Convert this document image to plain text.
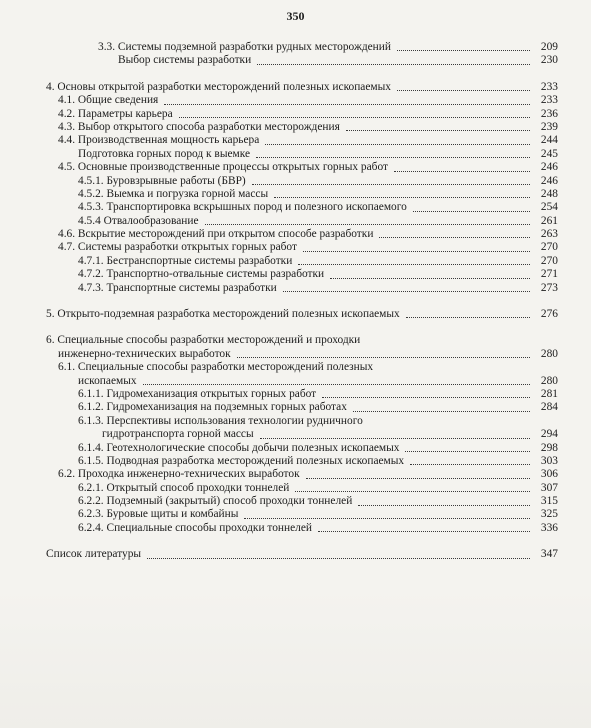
350
3.3. Системы подземной разработки рудных месторождений	209
Выбор системы разработки	230
4. Основы открытой разработки месторождений полезных ископаемых	233
4.1. Общие сведения	233
4.2. Параметры карьера	236
4.3. Выбор открытого способа разработки месторождения	239
4.4. Производственная мощность карьера	244
Подготовка горных пород к выемке	245
4.5. Основные производственные процессы открытых горных работ	246
4.5.1. Буровзрывные работы (БВР)	246
4.5.2. Выемка и погрузка горной массы	248
4.5.3. Транспортировка вскрышных пород и полезного ископаемого	254
4.5.4 Отвалообразование	261
4.6. Вскрытие месторождений при открытом способе разработки	263
4.7. Системы разработки открытых горных работ	270
4.7.1. Бестранспортные системы разработки	270
4.7.2. Транспортно-отвальные системы разработки	271
4.7.3. Транспортные системы разработки	273
5. Открыто-подземная разработка месторождений полезных ископаемых	276
6. Специальные способы разработки месторождений и проходки
инженерно-технических выработок	280
6.1. Специальные способы разработки месторождений полезных
ископаемых	280
6.1.1. Гидромеханизация открытых горных работ	281
6.1.2. Гидромеханизация на подземных горных работах	284
6.1.3. Перспективы использования технологии рудничного
гидротранспорта горной массы	294
6.1.4. Геотехнологические способы добычи полезных ископаемых	298
6.1.5. Подводная разработка месторождений полезных ископаемых	303
6.2. Проходка инженерно-технических выработок	306
6.2.1. Открытый способ проходки тоннелей	307
6.2.2. Подземный (закрытый) способ проходки тоннелей	315
6.2.3. Буровые щиты и комбайны	325
6.2.4. Специальные способы проходки тоннелей	336
Список литературы	347
